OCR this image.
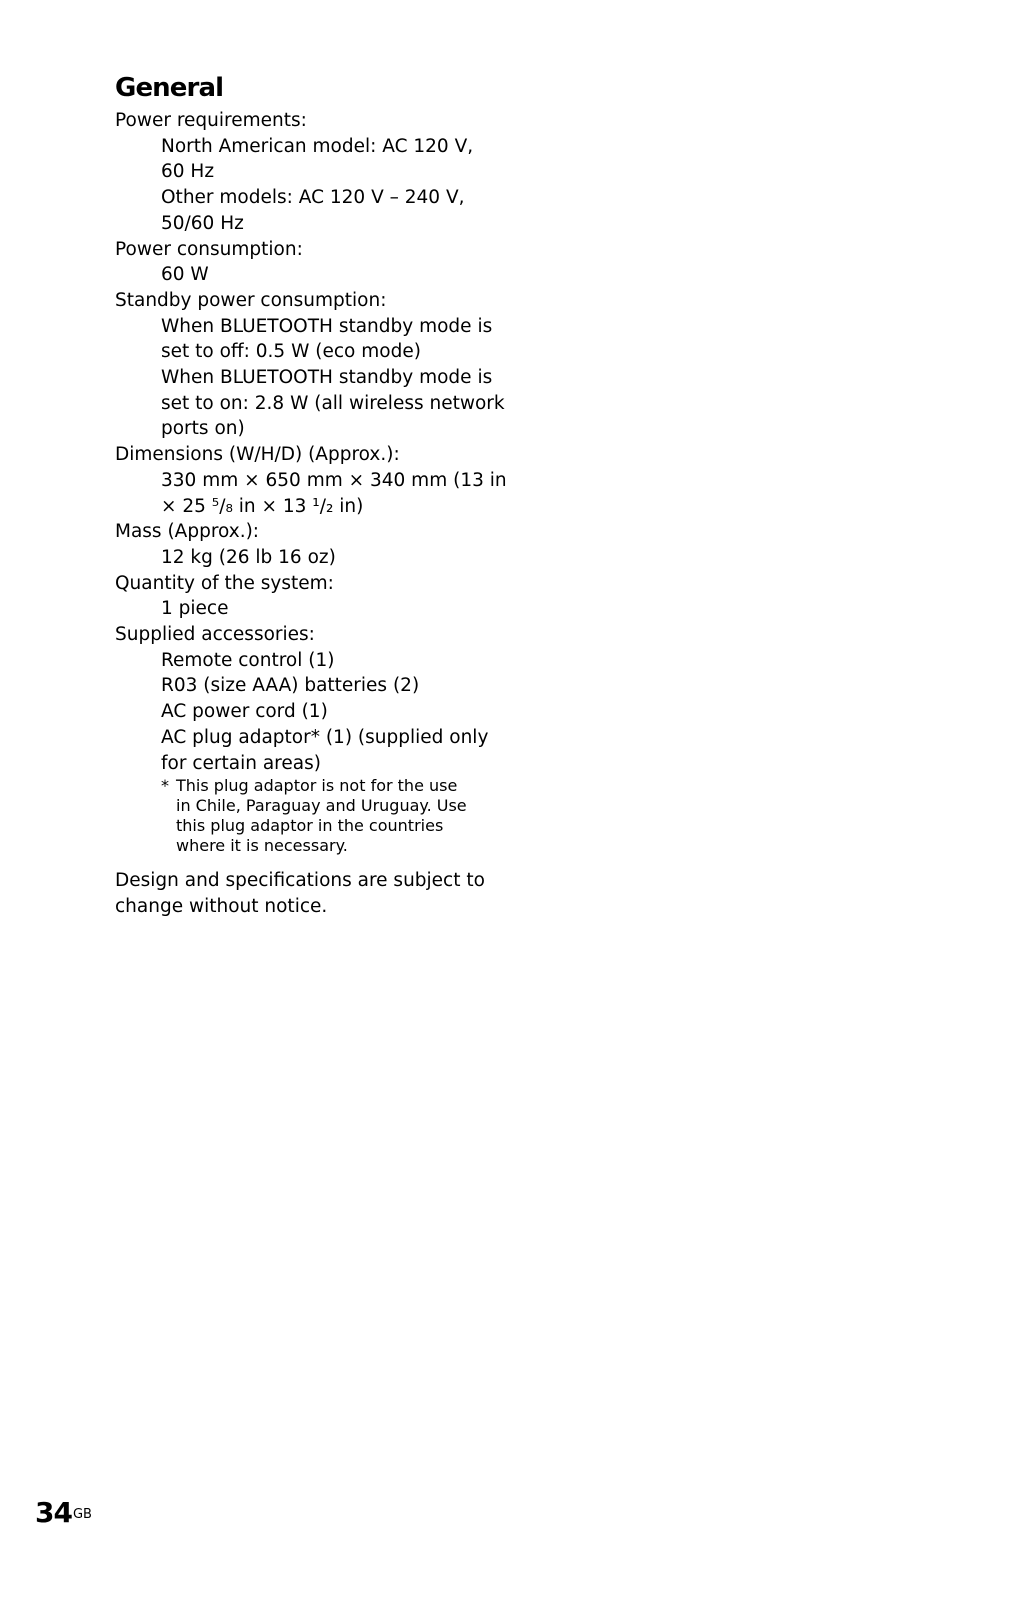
General

Power requirements:

North American model: AC 120 V,

60 Hz

Other models: AC 120 V – 240 V,

50/60 Hz

Power consumption:

60 W

Standby power consumption:

When BLUETOOTH standby mode is

set to off: 0.5 W (eco mode)

When BLUETOOTH standby mode is

set to on: 2.8 W (all wireless network

ports on)

Dimensions (W/H/D) (Approx.):

330 mm × 650 mm × 340 mm (13 in

× 25 ⁵/₈ in × 13 ¹/₂ in)

Mass (Approx.):

12 kg (26 lb 16 oz)

Quantity of the system:

1 piece

Supplied accessories:

Remote control (1)

R03 (size AAA) batteries (2)

AC power cord (1)

AC plug adaptor* (1) (supplied only

for certain areas)

* This plug adaptor is not for the use

in Chile, Paraguay and Uruguay. Use

this plug adaptor in the countries

where it is necessary.

Design and specifications are subject to
change without notice.
$34^{GB}$
